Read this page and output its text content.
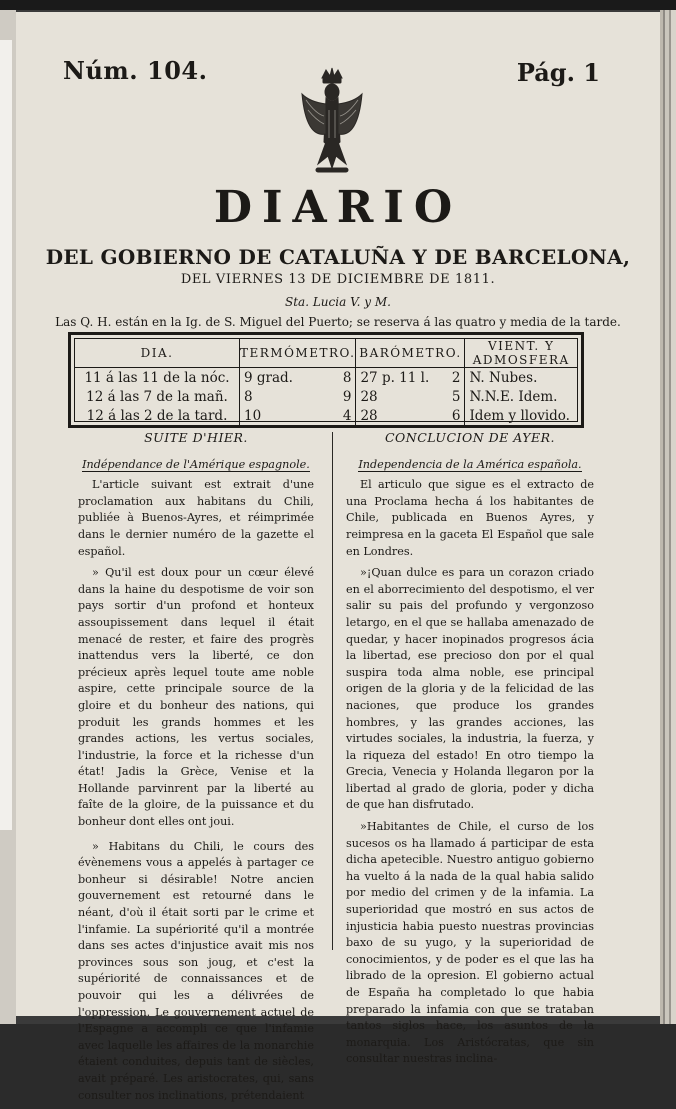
Núm. 104.	Pág. 1
DIARIO
DEL GOBIERNO DE CATALUÑA Y DE BARCELONA,
DEL VIERNES 13 DE DICIEMBRE DE 1811.
Sta. Lucia V. y M.
Las Q. H. están en la Ig. de S. Miguel del Puerto; se reserva á las quatro y media de la tarde.
DIA.	TERMÓMETRO.	BARÓMETRO.	VIENT. Y ADMOSFERA
11 á las 11 de la nóc.	9 grad. 8	27 p. 11 l. 2	N. Nubes.
12 á las 7 de la mañ.	8 9	28 5	N.N.E. Idem.
12 á las 2 de la tard.	10 4	28 6	Idem y llovido.
SUITE D'HIER.
Indépendance de l'Amérique espagnole.

L'article suivant est extrait d'une proclamation aux habitans du Chili, publiée à Buenos-Ayres, et réimprimée dans le dernier numéro de la gazette el español.

» Qu'il est doux pour un cœur élevé dans la haine du despotisme de voir son pays sortir d'un profond et honteux assoupissement dans lequel il était menacé de rester, et faire des progrès inattendus vers la liberté, ce don précieux après lequel toute ame noble aspire, cette principale source de la gloire et du bonheur des nations, qui produit les grands hommes et les grandes actions, les vertus sociales, l'industrie, la force et la richesse d'un état! Jadis la Grèce, Venise et la Hollande parvinrent par la liberté au faîte de la gloire, de la puissance et du bonheur dont elles ont joui.

» Habitans du Chili, le cours des évènemens vous a appelés à partager ce bonheur si désirable! Notre ancien gouvernement est retourné dans le néant, d'où il était sorti par le crime et l'infamie. La supériorité qu'il a montrée dans ses actes d'injustice avait mis nos provinces sous son joug, et c'est la supériorité de connaissances et de pouvoir qui les a délivrées de l'oppression. Le gouvernement actuel de l'Espagne a accompli ce que l'infamie avec laquelle les affaires de la monarchie étaient conduites, depuis tant de siècles, avait préparé. Les aristocrates, qui, sans consulter nos inclinations, prétendaient

CONCLUCION DE AYER.
Independencia de la América española.

El articulo que sigue es el extracto de una Proclama hecha á los habitantes de Chile, publicada en Buenos Ayres, y reimpresa en la gaceta El Español que sale en Londres.

»¡Quan dulce es para un corazon criado en el aborrecimiento del despotismo, el ver salir su pais del profundo y vergonzoso letargo, en el que se hallaba amenazado de quedar, y hacer inopinados progresos ácia la libertad, ese precioso don por el qual suspira toda alma noble, ese principal origen de la gloria y de la felicidad de las naciones, que produce los grandes hombres, y las grandes acciones, las virtudes sociales, la industria, la fuerza, y la riqueza del estado! En otro tiempo la Grecia, Venecia y Holanda llegaron por la libertad al grado de gloria, poder y dicha de que han disfrutado.

»Habitantes de Chile, el curso de los sucesos os ha llamado á participar de esta dicha apetecible. Nuestro antiguo gobierno ha vuelto á la nada de la qual habia salido por medio del crimen y de la infamia. La superioridad que mostró en sus actos de injusticia habia puesto nuestras provincias baxo de su yugo, y la superioridad de conocimientos, y de poder es el que las ha librado de la opresion. El gobierno actual de España ha completado lo que habia preparado la infamia con que se trataban tantos siglos hace, los asuntos de la monarquia. Los Aristócratas, que sin consultar nuestras inclina-
